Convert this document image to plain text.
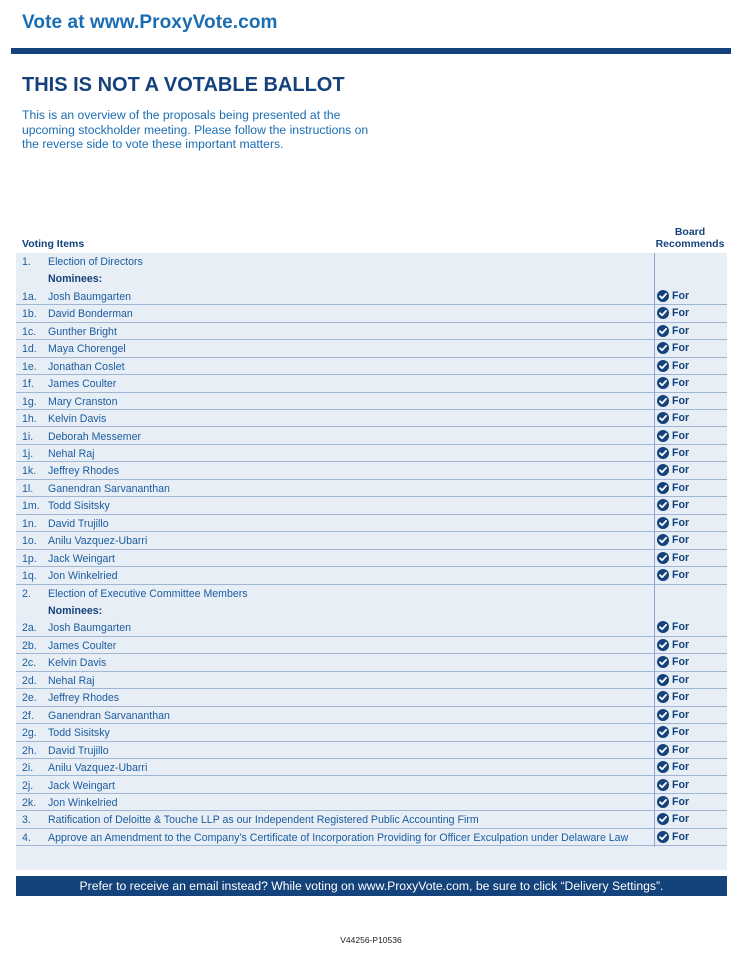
Vote at www.ProxyVote.com
THIS IS NOT A VOTABLE BALLOT

This is an overview of the proposals being presented at the upcoming stockholder meeting. Please follow the instructions on the reverse side to vote these important matters.

Voting Items
Board Recommends
1. Election of Directors
Nominees:
1a. Josh Baumgarten	For
1b. David Bonderman	For
1c. Gunther Bright	For
1d. Maya Chorengel	For
1e. Jonathan Coslet	For
1f. James Coulter	For
1g. Mary Cranston	For
1h. Kelvin Davis	For
1i. Deborah Messemer	For
1j. Nehal Raj	For
1k. Jeffrey Rhodes	For
1l. Ganendran Sarvananthan	For
1m. Todd Sisitsky	For
1n. David Trujillo	For
1o. Anilu Vazquez-Ubarri	For
1p. Jack Weingart	For
1q. Jon Winkelried	For
2. Election of Executive Committee Members
Nominees:
2a. Josh Baumgarten	For
2b. James Coulter	For
2c. Kelvin Davis	For
2d. Nehal Raj	For
2e. Jeffrey Rhodes	For
2f. Ganendran Sarvananthan	For
2g. Todd Sisitsky	For
2h. David Trujillo	For
2i. Anilu Vazquez-Ubarri	For
2j. Jack Weingart	For
2k. Jon Winkelried	For
3. Ratification of Deloitte & Touche LLP as our Independent Registered Public Accounting Firm	For
4. Approve an Amendment to the Company’s Certificate of Incorporation Providing for Officer Exculpation under Delaware Law	For
Prefer to receive an email instead? While voting on www.ProxyVote.com, be sure to click “Delivery Settings”.
V44256-P10536
